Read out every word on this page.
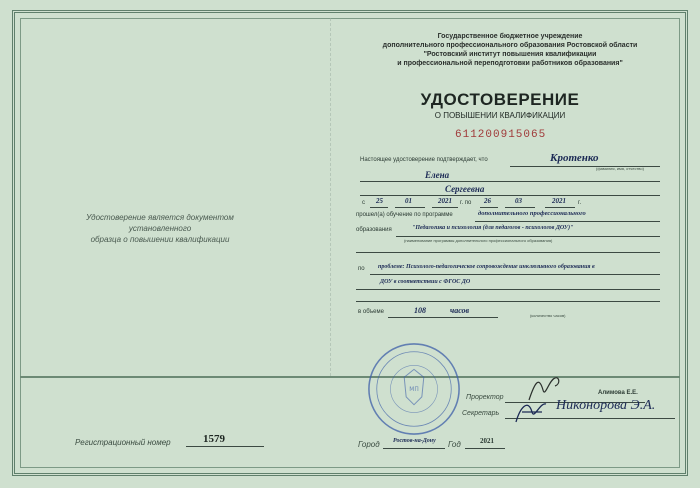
Государственное бюджетное учреждение
дополнительного профессионального образования Ростовской области
"Ростовский институт повышения квалификации
и профессиональной переподготовки работников образования"
УДОСТОВЕРЕНИЕ
О ПОВЫШЕНИИ КВАЛИФИКАЦИИ
611200915065
Настоящее удостоверение подтверждает, что	Кротенко
(фамилия, имя, отчество)
Елена
Сергеевна
с 25	01	2021 г. по 26	03	2021 г.
прошел(а) обучение по программе	дополнительного профессионального
образования	"Педагогика и психология (для педагогов - психологов ДОУ)"
(наименование программы дополнительного профессионального образования)
по проблеме: Психолого-педагогическое сопровождение инклюзивного образования в
ДОУ в соответствии с ФГОС ДО
в объеме	108	часов
(количество часов)
Удостоверение является документом установленного
образца о повышении квалификации
МП
Проректор
Алимова Е.Е.
Секретарь
Никонорова Э.А.
Регистрационный номер	1579	Город Ростов-на-Дону Год	2021
